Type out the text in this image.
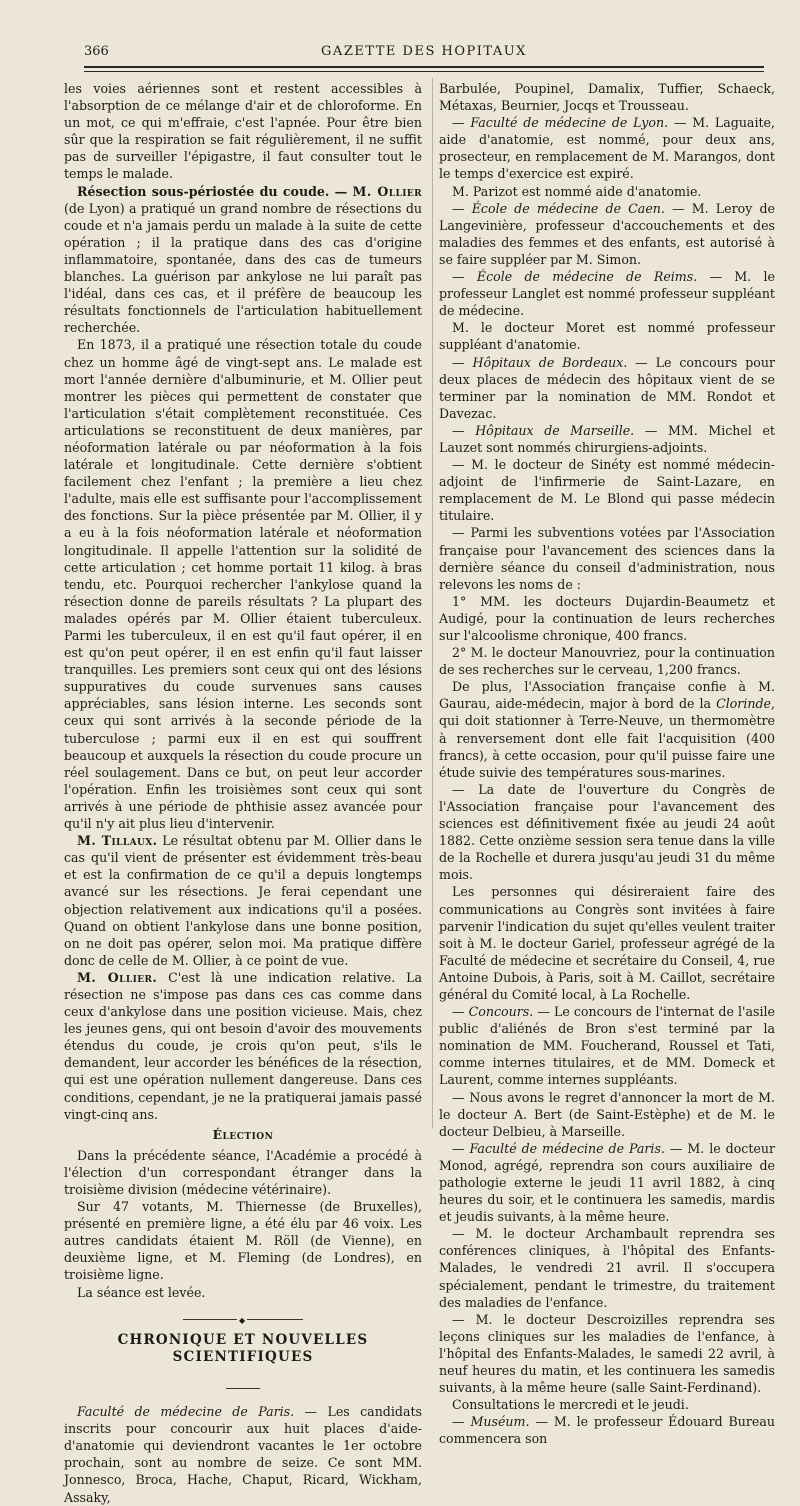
366	GAZETTE DES HOPITAUX

les voies aériennes sont et restent accessibles à l'absorption de ce mélange d'air et de chloroforme. En un mot, ce qui m'effraie, c'est l'apnée. Pour être bien sûr que la respiration se fait régulièrement, il ne suffit pas de surveiller l'épigastre, il faut consulter tout le temps le malade.

Résection sous-périostée du coude. — M. Ollier (de Lyon) a pratiqué un grand nombre de résections du coude et n'a jamais perdu un malade à la suite de cette opération ; il la pratique dans des cas d'origine inflammatoire, spontanée, dans des cas de tumeurs blanches. La guérison par ankylose ne lui paraît pas l'idéal, dans ces cas, et il préfère de beaucoup les résultats fonctionnels de l'articulation habituellement recherchée.

En 1873, il a pratiqué une résection totale du coude chez un homme âgé de vingt-sept ans. Le malade est mort l'année dernière d'albuminurie, et M. Ollier peut montrer les pièces qui permettent de constater que l'articulation s'était complètement reconstituée. Ces articulations se reconstituent de deux manières, par néoformation latérale ou par néoformation à la fois latérale et longitudinale. Cette dernière s'obtient facilement chez l'enfant ; la première a lieu chez l'adulte, mais elle est suffisante pour l'accomplissement des fonctions. Sur la pièce présentée par M. Ollier, il y a eu à la fois néoformation latérale et néoformation longitudinale. Il appelle l'attention sur la solidité de cette articulation ; cet homme portait 11 kilog. à bras tendu, etc. Pourquoi rechercher l'ankylose quand la résection donne de pareils résultats ? La plupart des malades opérés par M. Ollier étaient tuberculeux. Parmi les tuberculeux, il en est qu'il faut opérer, il en est qu'on peut opérer, il en est enfin qu'il faut laisser tranquilles. Les premiers sont ceux qui ont des lésions suppuratives du coude survenues sans causes appréciables, sans lésion interne. Les seconds sont ceux qui sont arrivés à la seconde période de la tuberculose ; parmi eux il en est qui souffrent beaucoup et auxquels la résection du coude procure un réel soulagement. Dans ce but, on peut leur accorder l'opération. Enfin les troisièmes sont ceux qui sont arrivés à une période de phthisie assez avancée pour qu'il n'y ait plus lieu d'intervenir.

M. Tillaux. Le résultat obtenu par M. Ollier dans le cas qu'il vient de présenter est évidemment très-beau et est la confirmation de ce qu'il a depuis longtemps avancé sur les résections. Je ferai cependant une objection relativement aux indications qu'il a posées. Quand on obtient l'ankylose dans une bonne position, on ne doit pas opérer, selon moi. Ma pratique diffère donc de celle de M. Ollier, à ce point de vue.

M. Ollier. C'est là une indication relative. La résection ne s'impose pas dans ces cas comme dans ceux d'ankylose dans une position vicieuse. Mais, chez les jeunes gens, qui ont besoin d'avoir des mouvements étendus du coude, je crois qu'on peut, s'ils le demandent, leur accorder les bénéfices de la résection, qui est une opération nullement dangereuse. Dans ces conditions, cependant, je ne la pratiquerai jamais passé vingt-cinq ans.

Élection

Dans la précédente séance, l'Académie a procédé à l'élection d'un correspondant étranger dans la troisième division (médecine vétérinaire).

Sur 47 votants, M. Thiernesse (de Bruxelles), présenté en première ligne, a été élu par 46 voix. Les autres candidats étaient M. Röll (de Vienne), en deuxième ligne, et M. Fleming (de Londres), en troisième ligne.

La séance est levée.

◆

CHRONIQUE ET NOUVELLES SCIENTIFIQUES

Faculté de médecine de Paris. — Les candidats inscrits pour concourir aux huit places d'aide-d'anatomie qui deviendront vacantes le 1er octobre prochain, sont au nombre de seize. Ce sont MM. Jonnesco, Broca, Hache, Chaput, Ricard, Wickham, Assaky,

Barbulée, Poupinel, Damalix, Tuffier, Schaeck, Métaxas, Beurnier, Jocqs et Trousseau.

— Faculté de médecine de Lyon. — M. Laguaite, aide d'anatomie, est nommé, pour deux ans, prosecteur, en remplacement de M. Marangos, dont le temps d'exercice est expiré.

M. Parizot est nommé aide d'anatomie.

— École de médecine de Caen. — M. Leroy de Langevinière, professeur d'accouchements et des maladies des femmes et des enfants, est autorisé à se faire suppléer par M. Simon.

— École de médecine de Reims. — M. le professeur Langlet est nommé professeur suppléant de médecine.

M. le docteur Moret est nommé professeur suppléant d'anatomie.

— Hôpitaux de Bordeaux. — Le concours pour deux places de médecin des hôpitaux vient de se terminer par la nomination de MM. Rondot et Davezac.

— Hôpitaux de Marseille. — MM. Michel et Lauzet sont nommés chirurgiens-adjoints.

— M. le docteur de Sinéty est nommé médecin-adjoint de l'infirmerie de Saint-Lazare, en remplacement de M. Le Blond qui passe médecin titulaire.

— Parmi les subventions votées par l'Association française pour l'avancement des sciences dans la dernière séance du conseil d'administration, nous relevons les noms de :

1° MM. les docteurs Dujardin-Beaumetz et Audigé, pour la continuation de leurs recherches sur l'alcoolisme chronique, 400 francs.

2° M. le docteur Manouvriez, pour la continuation de ses recherches sur le cerveau, 1,200 francs.

De plus, l'Association française confie à M. Gaurau, aide-médecin, major à bord de la Clorinde, qui doit stationner à Terre-Neuve, un thermomètre à renversement dont elle fait l'acquisition (400 francs), à cette occasion, pour qu'il puisse faire une étude suivie des températures sous-marines.

— La date de l'ouverture du Congrès de l'Association française pour l'avancement des sciences est définitivement fixée au jeudi 24 août 1882. Cette onzième session sera tenue dans la ville de la Rochelle et durera jusqu'au jeudi 31 du même mois.

Les personnes qui désireraient faire des communications au Congrès sont invitées à faire parvenir l'indication du sujet qu'elles veulent traiter soit à M. le docteur Gariel, professeur agrégé de la Faculté de médecine et secrétaire du Conseil, 4, rue Antoine Dubois, à Paris, soit à M. Caillot, secrétaire général du Comité local, à La Rochelle.

— Concours. — Le concours de l'internat de l'asile public d'aliénés de Bron s'est terminé par la nomination de MM. Foucherand, Roussel et Tati, comme internes titulaires, et de MM. Domeck et Laurent, comme internes suppléants.

— Nous avons le regret d'annoncer la mort de M. le docteur A. Bert (de Saint-Estèphe) et de M. le docteur Delbieu, à Marseille.

— Faculté de médecine de Paris. — M. le docteur Monod, agrégé, reprendra son cours auxiliaire de pathologie externe le jeudi 11 avril 1882, à cinq heures du soir, et le continuera les samedis, mardis et jeudis suivants, à la même heure.

— M. le docteur Archambault reprendra ses conférences cliniques, à l'hôpital des Enfants-Malades, le vendredi 21 avril. Il s'occupera spécialement, pendant le trimestre, du traitement des maladies de l'enfance.

— M. le docteur Descroizilles reprendra ses leçons cliniques sur les maladies de l'enfance, à l'hôpital des Enfants-Malades, le samedi 22 avril, à neuf heures du matin, et les continuera les samedis suivants, à la même heure (salle Saint-Ferdinand).

Consultations le mercredi et le jeudi.

— Muséum. — M. le professeur Édouard Bureau commencera son
